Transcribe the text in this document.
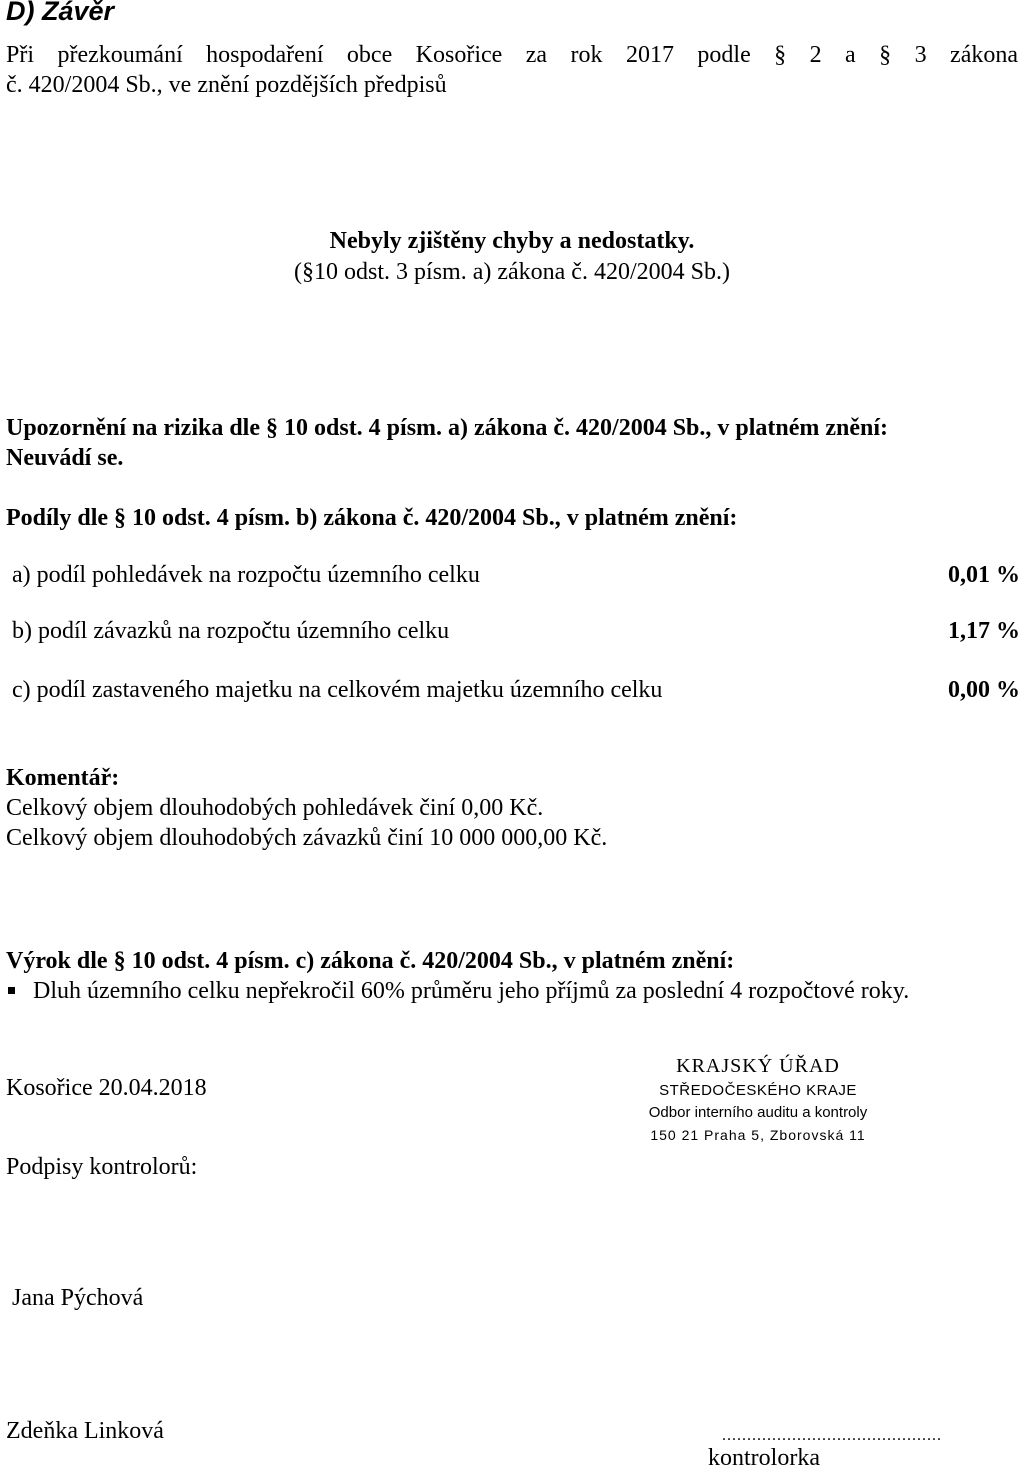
D) Závěr
Při přezkoumání hospodaření obce Kosořice za rok 2017 podle § 2 a § 3 zákona
č. 420/2004 Sb., ve znění pozdějších předpisů
Nebyly zjištěny chyby a nedostatky.
(§10 odst. 3 písm. a) zákona č. 420/2004 Sb.)
Upozornění na rizika dle § 10 odst. 4 písm. a) zákona č. 420/2004 Sb., v platném znění:
Neuvádí se.
Podíly dle § 10 odst. 4 písm. b) zákona č. 420/2004 Sb., v platném znění:
a) podíl pohledávek na rozpočtu územního celku	0,01 %
b) podíl závazků na rozpočtu územního celku	1,17 %
c) podíl zastaveného majetku na celkovém majetku územního celku	0,00 %
Komentář:
Celkový objem dlouhodobých pohledávek činí 0,00 Kč.
Celkový objem dlouhodobých závazků činí 10 000 000,00 Kč.
Výrok dle § 10 odst. 4 písm. c) zákona č. 420/2004 Sb., v platném znění:
Dluh územního celku nepřekročil 60% průměru jeho příjmů za poslední 4 rozpočtové roky.
Kosořice 20.04.2018
Podpisy kontrolorů:
KRAJSKÝ ÚŘAD
STŘEDOČESKÉHO KRAJE
Odbor interního auditu a kontroly
150 21 Praha 5, Zborovská 11
Jana Pýchová
Zdeňka Linková	............................................
kontrolorka
